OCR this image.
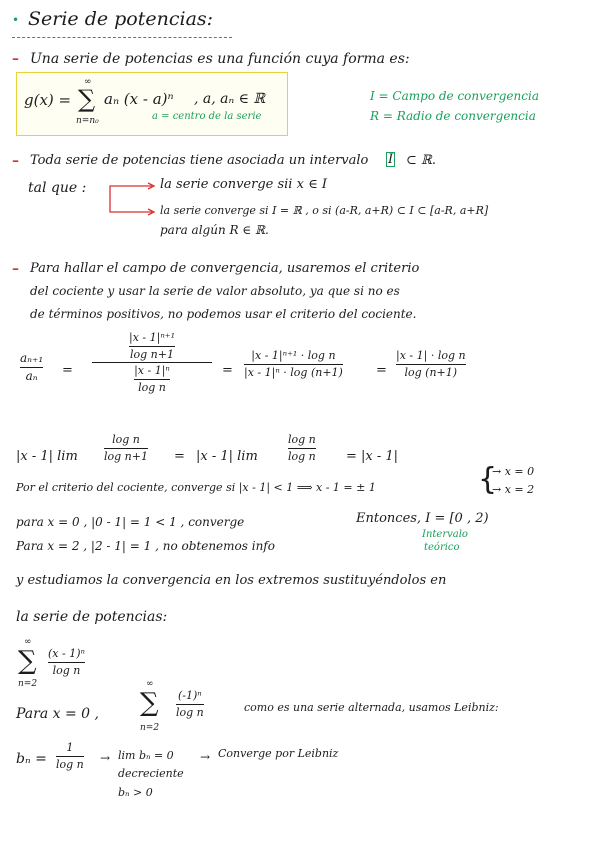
• Serie de potencias:
– Una serie de potencias es una función cuya forma es:
g(x) =
∞
∑
n=n₀
aₙ (x - a)ⁿ , a, aₙ ∈ ℝ
a = centro de la serie
I = Campo de convergencia
R = Radio de convergencia
– Toda serie de potencias tiene asociada un intervalo I ⊂ ℝ.
tal que :	la serie converge sii x ∈ I
la serie converge si I = ℝ , o si (a-R, a+R) ⊂ I ⊂ [a-R, a+R]
para algún R ∈ ℝ.
– Para hallar el campo de convergencia, usaremos el criterio
del cociente y usar la serie de valor absoluto, ya que si no es
de términos positivos, no podemos usar el criterio del cociente.
aₙ₊₁
aₙ =
$\frac{\text{|x - 1|ⁿ⁺¹}}{\text{log n+1}}$
$\frac{\text{|x - 1|ⁿ}}{\text{log n}}$	=
|x - 1|ⁿ⁺¹ · log n
|x - 1|ⁿ · log (n+1)	=
|x - 1| · log n
log (n+1)
|x - 1| lim
log n
log n+1 = |x - 1| lim
log n
log n = |x - 1|
Por el criterio del cociente, converge si |x - 1| < 1 ⟹ x - 1 = ± 1	{
→ x = 0
→ x = 2
para x = 0 , |0 - 1| = 1 < 1 , converge
Para x = 2 , |2 - 1| = 1 , no obtenemos info
Entonces, I = [0 , 2)
Intervalo
teórico
y estudiamos la convergencia en los extremos sustituyéndolos en
la serie de potencias:
∞
∑
n=2
(x - 1)ⁿ
log n
Para x = 0 ,
∞
∑
n=2
(-1)ⁿ
log n	como es una serie alternada, usamos Leibniz:
bₙ =
1
log n → lim bₙ = 0 → Converge por Leibniz
decreciente
bₙ > 0
